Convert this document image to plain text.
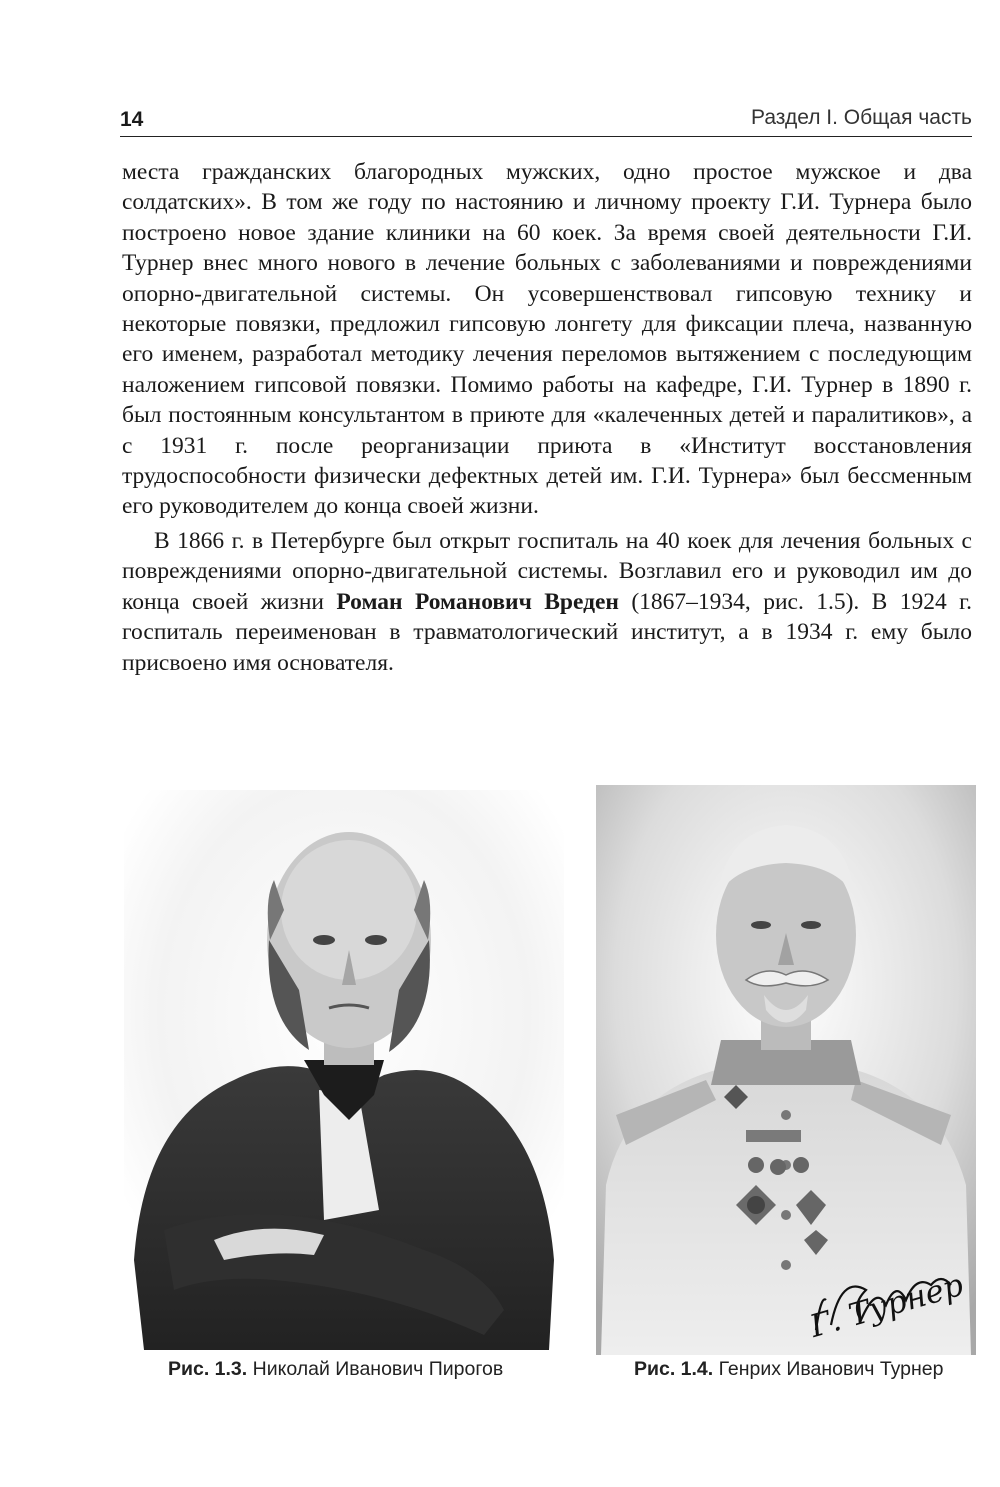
14	Раздел I. Общая часть

места гражданских благородных мужских, одно простое мужское и два солдатских». В том же году по настоянию и личному проекту Г.И. Турнера было построено новое здание клиники на 60 коек. За время своей деятельности Г.И. Турнер внес много нового в лечение больных с заболеваниями и повреждениями опорно-двигательной системы. Он усовершенствовал гипсовую технику и некоторые повязки, предложил гипсовую лонгету для фиксации плеча, названную его именем, разработал методику лечения переломов вытяжением с последующим наложением гипсовой повязки. Помимо работы на кафедре, Г.И. Турнер в 1890 г. был постоянным консультантом в приюте для «калеченных детей и паралитиков», а с 1931 г. после реорганизации приюта в «Институт восстановления трудоспособности физически дефектных детей им. Г.И. Турнера» был бессменным его руководителем до конца своей жизни.

В 1866 г. в Петербурге был открыт госпиталь на 40 коек для лечения больных с повреждениями опорно-двигательной системы. Возглавил его и руководил им до конца своей жизни Роман Романович Вреден (1867–1934, рис. 1.5). В 1924 г. госпиталь переименован в травматологический институт, а в 1934 г. ему было присвоено имя основателя.

Г. Турнер
Рис. 1.3. Николай Иванович Пирогов	Рис. 1.4. Генрих Иванович Турнер
